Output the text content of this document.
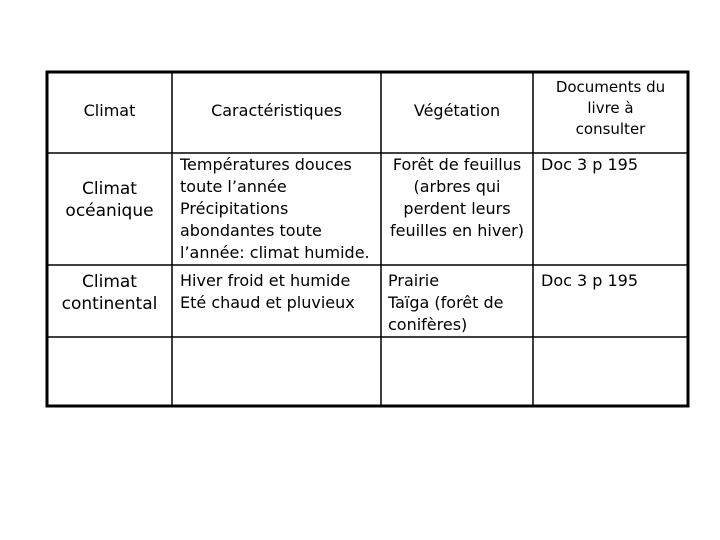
Climat	Caractéristiques	Végétation
Documents du
livre à
consulter
Climat
océanique
Températures douces
toute l’année
Précipitations
abondantes toute
l’année: climat humide.
Forêt de feuillus
(arbres qui
perdent leurs
feuilles en hiver)
Doc 3 p 195
Climat
continental
Hiver froid et humide
Eté chaud et pluvieux
Prairie
Taïga (forêt de
conifères)
Doc 3 p 195
